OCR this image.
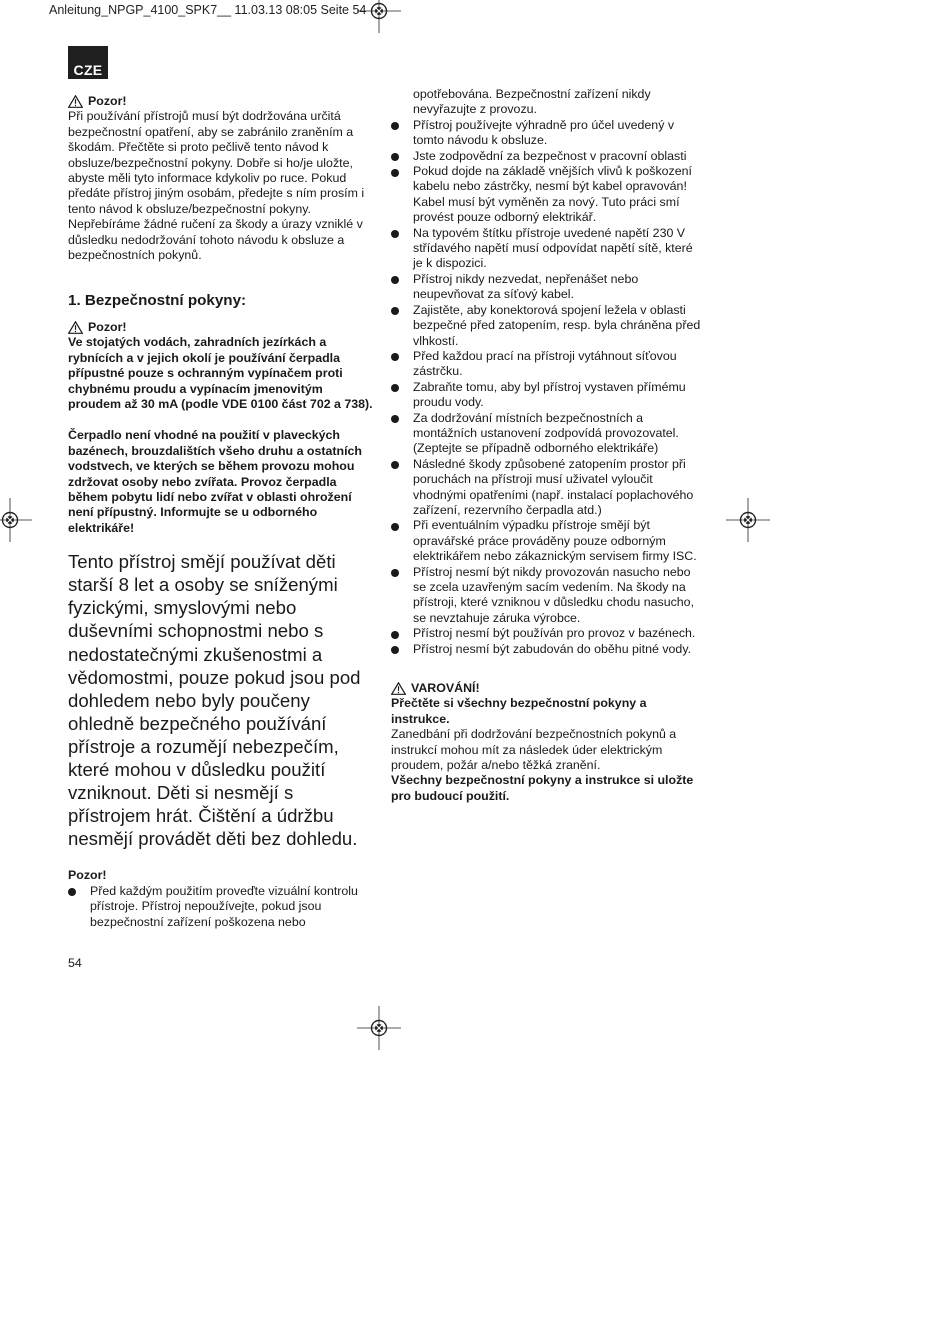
Anleitung_NPGP_4100_SPK7__ 11.03.13 08:05 Seite 54
CZE

Pozor!

Při používání přístrojů musí být dodržována určitá bezpečnostní opatření, aby se zabránilo zraněním a škodám. Přečtěte si proto pečlivě tento návod k obsluze/bezpečnostní pokyny. Dobře si ho/je uložte, abyste měli tyto informace kdykoliv po ruce. Pokud předáte přístroj jiným osobám, předejte s ním prosím i tento návod k obsluze/bezpečnostní pokyny. Nepřebíráme žádné ručení za škody a úrazy vzniklé v důsledku nedodržování tohoto návodu k obsluze a bezpečnostních pokynů.

1. Bezpečnostní pokyny:

Pozor!

Ve stojatých vodách, zahradních jezírkách a rybnících a v jejich okolí je používání čerpadla přípustné pouze s ochranným vypínačem proti chybnému proudu a vypínacím jmenovitým proudem až 30 mA (podle VDE 0100 část 702 a 738).

Čerpadlo není vhodné na použití v plaveckých bazénech, brouzdalištích všeho druhu a ostatních vodstvech, ve kterých se během provozu mohou zdržovat osoby nebo zvířata. Provoz čerpadla během pobytu lidí nebo zvířat v oblasti ohrožení není přípustný. Informujte se u odborného elektrikáře!

Tento přístroj smějí používat děti starší 8 let a osoby se sníženými fyzickými, smyslovými nebo duševními schopnostmi nebo s nedostatečnými zkušenostmi a vědomostmi, pouze pokud jsou pod dohledem nebo byly poučeny ohledně bezpečného používání přístroje a rozumějí nebezpečím, které mohou v důsledku použití vzniknout. Děti si nesmějí s přístrojem hrát. Čištění a údržbu nesmějí provádět děti bez dohledu.

Pozor!

Před každým použitím proveďte vizuální kontrolu přístroje. Přístroj nepoužívejte, pokud jsou bezpečnostní zařízení poškozena nebo

opotřebována. Bezpečnostní zařízení nikdy nevyřazujte z provozu.

Přístroj používejte výhradně pro účel uvedený v tomto návodu k obsluze.
Jste zodpovědní za bezpečnost v pracovní oblasti
Pokud dojde na základě vnějších vlivů k poškození kabelu nebo zástrčky, nesmí být kabel opravován! Kabel musí být vyměněn za nový. Tuto práci smí provést pouze odborný elektrikář.
Na typovém štítku přístroje uvedené napětí 230 V střídavého napětí musí odpovídat napětí sítě, které je k dispozici.
Přístroj nikdy nezvedat, nepřenášet nebo neupevňovat za síťový kabel.
Zajistěte, aby konektorová spojení ležela v oblasti bezpečné před zatopením, resp. byla chráněna před vlhkostí.
Před každou prací na přístroji vytáhnout síťovou zástrčku.
Zabraňte tomu, aby byl přístroj vystaven přímému proudu vody.
Za dodržování místních bezpečnostních a montážních ustanovení zodpovídá provozovatel. (Zeptejte se případně odborného elektrikáře)
Následné škody způsobené zatopením prostor při poruchách na přístroji musí uživatel vyloučit vhodnými opatřeními (např. instalací poplachového zařízení, rezervního čerpadla atd.)
Při eventuálním výpadku přístroje smějí být opravářské práce prováděny pouze odborným elektrikářem nebo zákaznickým servisem firmy ISC.
Přístroj nesmí být nikdy provozován nasucho nebo se zcela uzavřeným sacím vedením. Na škody na přístroji, které vzniknou v důsledku chodu nasucho, se nevztahuje záruka výrobce.
Přístroj nesmí být používán pro provoz v bazénech.
Přístroj nesmí být zabudován do oběhu pitné vody.

VAROVÁNÍ!

Přečtěte si všechny bezpečnostní pokyny a instrukce.

Zanedbání při dodržování bezpečnostních pokynů a instrukcí mohou mít za následek úder elektrickým proudem, požár a/nebo těžká zranění.

Všechny bezpečnostní pokyny a instrukce si uložte pro budoucí použití.

54
